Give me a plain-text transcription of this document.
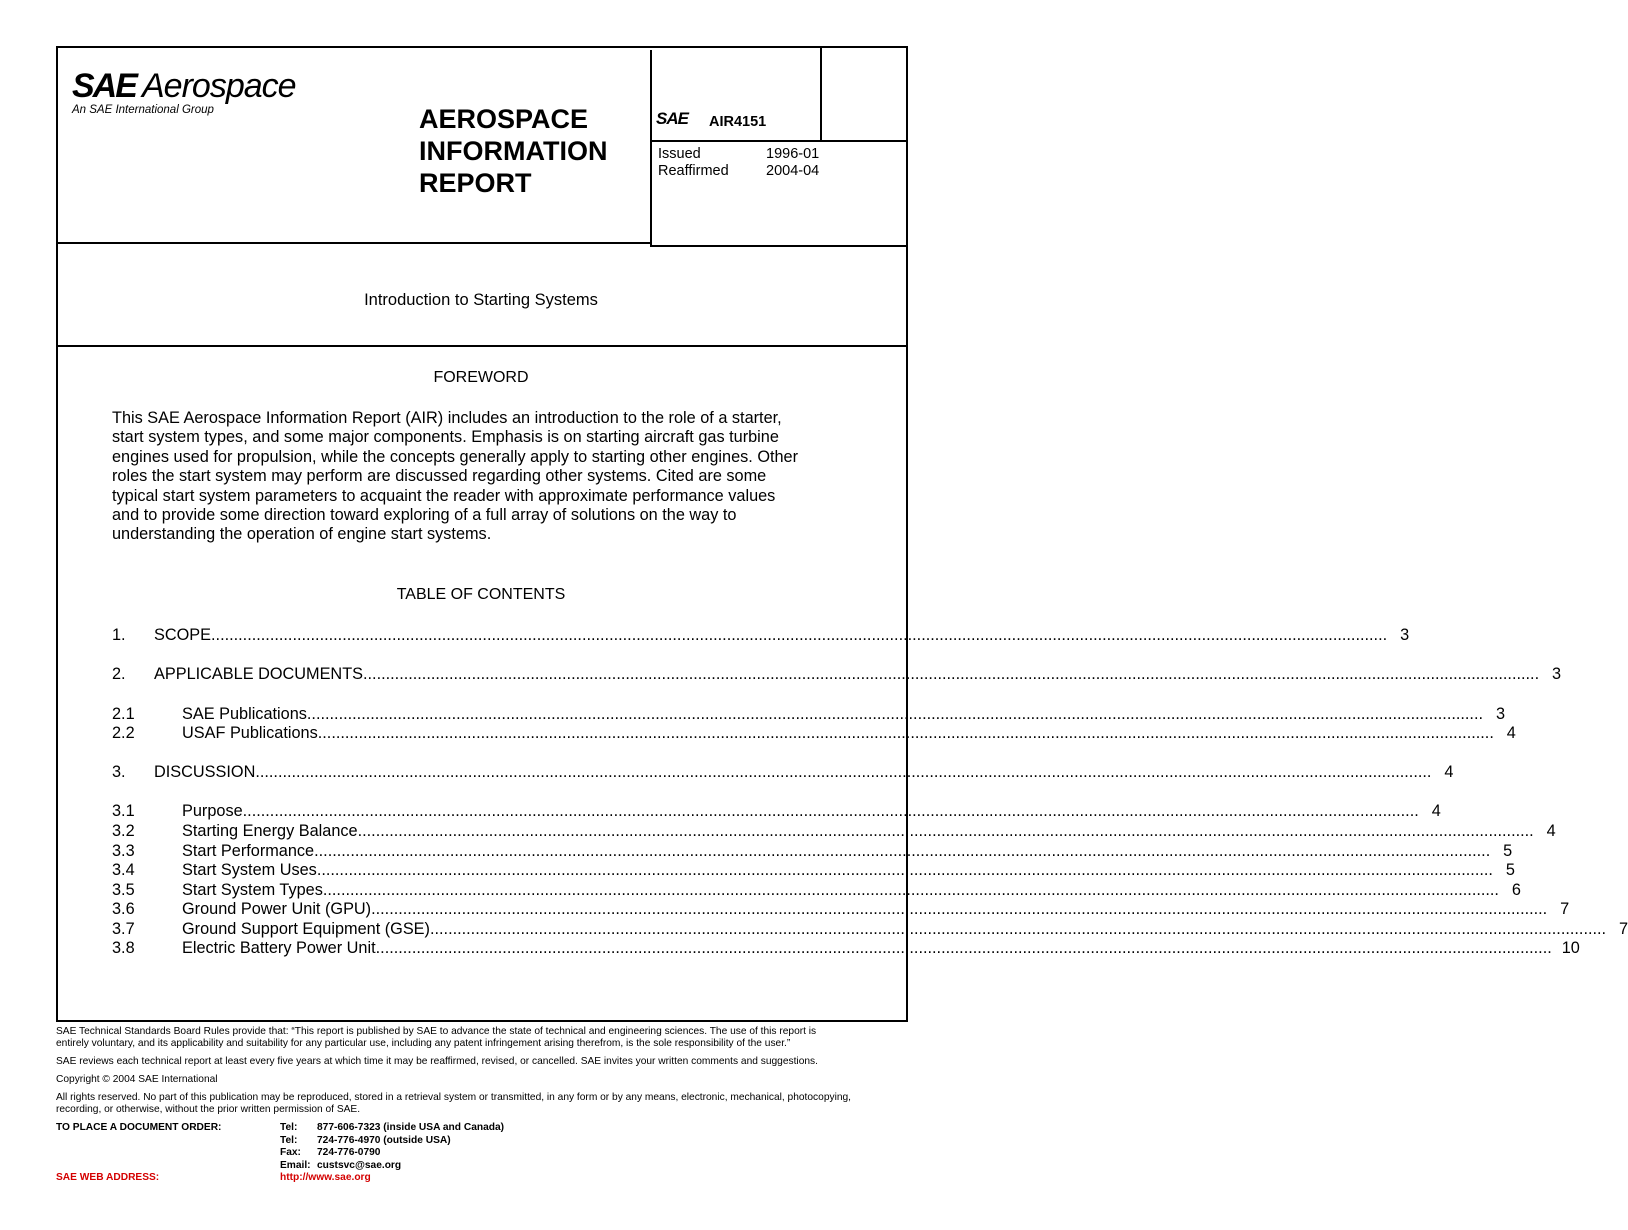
SAE Aerospace
An SAE International Group	AEROSPACE
INFORMATION
REPORT
SAE AIR4151
Issued	1996-01
Reaffirmed	2004-04
Introduction to Starting Systems
FOREWORD
This SAE Aerospace Information Report (AIR) includes an introduction to the role of a starter,
start system types, and some major components. Emphasis is on starting aircraft gas turbine
engines used for propulsion, while the concepts generally apply to starting other engines. Other
roles the start system may perform are discussed regarding other systems. Cited are some
typical start system parameters to acquaint the reader with approximate performance values
and to provide some direction toward exploring of a full array of solutions on the way to
understanding the operation of engine start systems.
TABLE OF CONTENTS
1. SCOPE .................................................................................................................................................................................................................................................................... 3
2. APPLICABLE DOCUMENTS .................................................................................................................................................................................................................................................................... 3
2.1	SAE Publications .................................................................................................................................................................................................................................................................... 3
2.2	USAF Publications .................................................................................................................................................................................................................................................................... 4
3. DISCUSSION .................................................................................................................................................................................................................................................................... 4
3.1	Purpose .................................................................................................................................................................................................................................................................... 4
3.2	Starting Energy Balance .................................................................................................................................................................................................................................................................... 4
3.3	Start Performance .................................................................................................................................................................................................................................................................... 5
3.4	Start System Uses .................................................................................................................................................................................................................................................................... 5
3.5	Start System Types .................................................................................................................................................................................................................................................................... 6
3.6	Ground Power Unit (GPU) .................................................................................................................................................................................................................................................................... 7
3.7	Ground Support Equipment (GSE) .................................................................................................................................................................................................................................................................... 7
3.8	Electric Battery Power Unit .................................................................................................................................................................................................................................................................... 10

SAE Technical Standards Board Rules provide that: “This report is published by SAE to advance the state of technical and engineering sciences. The use of this report is
entirely voluntary, and its applicability and suitability for any particular use, including any patent infringement arising therefrom, is the sole responsibility of the user.”

SAE reviews each technical report at least every five years at which time it may be reaffirmed, revised, or cancelled. SAE invites your written comments and suggestions.

Copyright © 2004 SAE International

All rights reserved. No part of this publication may be reproduced, stored in a retrieval system or transmitted, in any form or by any means, electronic, mechanical, photocopying,
recording, or otherwise, without the prior written permission of SAE.

TO PLACE A DOCUMENT ORDER:	Tel: 877-606-7323 (inside USA and Canada)
Tel: 724-776-4970 (outside USA)
Fax: 724-776-0790
Email: custsvc@sae.org
SAE WEB ADDRESS:	http://www.sae.org
